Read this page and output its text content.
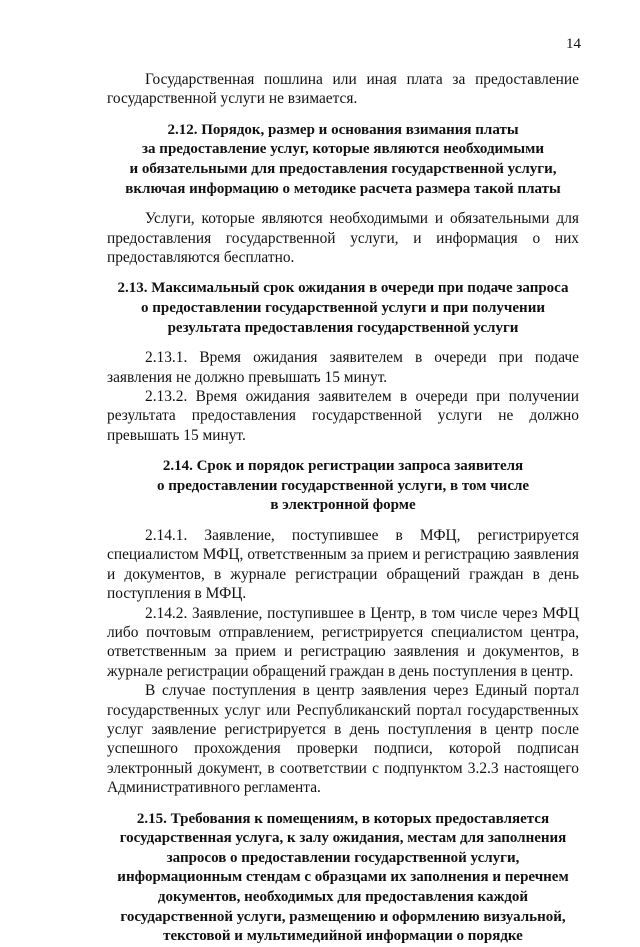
14

Государственная пошлина или иная плата за предоставление государственной услуги не взимается.

2.12. Порядок, размер и основания взимания платы
за предоставление услуг, которые являются необходимыми
и обязательными для предоставления государственной услуги,
включая информацию о методике расчета размера такой платы

Услуги, которые являются необходимыми и обязательными для предоставления государственной услуги, и информация о них предоставляются бесплатно.

2.13. Максимальный срок ожидания в очереди при подаче запроса
о предоставлении государственной услуги и при получении
результата предоставления государственной услуги

2.13.1. Время ожидания заявителем в очереди при подаче заявления не должно превышать 15 минут.

2.13.2. Время ожидания заявителем в очереди при получении результата предоставления государственной услуги не должно превышать 15 минут.

2.14. Срок и порядок регистрации запроса заявителя
о предоставлении государственной услуги, в том числе
в электронной форме

2.14.1. Заявление, поступившее в МФЦ, регистрируется специалистом МФЦ, ответственным за прием и регистрацию заявления и документов, в журнале регистрации обращений граждан в день поступления в МФЦ.

2.14.2. Заявление, поступившее в Центр, в том числе через МФЦ либо почтовым отправлением, регистрируется специалистом центра, ответственным за прием и регистрацию заявления и документов, в журнале регистрации обращений граждан в день поступления в центр.

В случае поступления в центр заявления через Единый портал государственных услуг или Республиканский портал государственных услуг заявление регистрируется в день поступления в центр после успешного прохождения проверки подписи, которой подписан электронный документ, в соответствии с подпунктом 3.2.3 настоящего Административного регламента.

2.15. Требования к помещениям, в которых предоставляется
государственная услуга, к залу ожидания, местам для заполнения
запросов о предоставлении государственной услуги,
информационным стендам с образцами их заполнения и перечнем
документов, необходимых для предоставления каждой
государственной услуги, размещению и оформлению визуальной,
текстовой и мультимедийной информации о порядке
